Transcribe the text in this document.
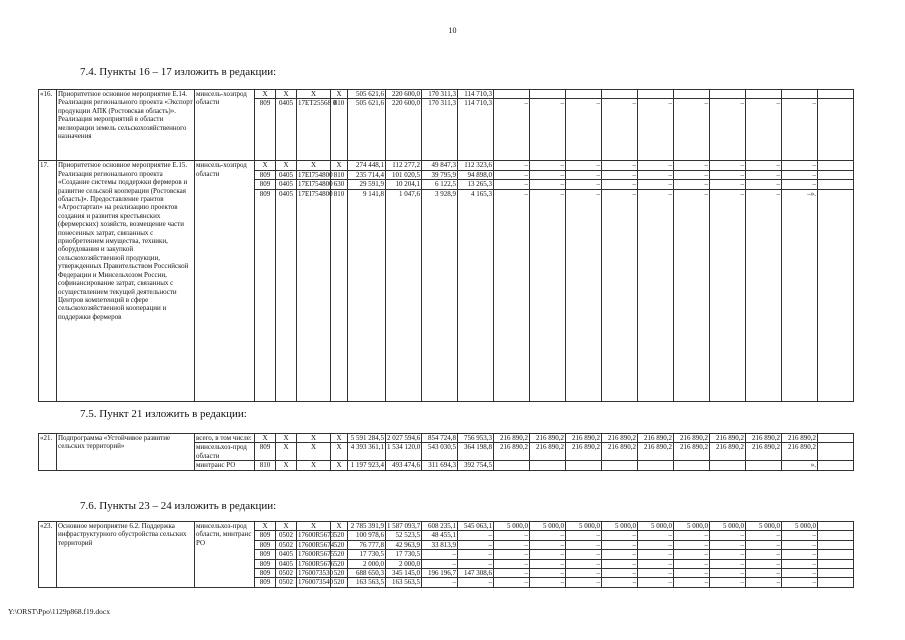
10
7.4. Пункты 16 – 17 изложить в редакции:
7.5. Пункт 21 изложить в редакции:
7.6. Пункты 23 – 24 изложить в редакции:
«16.	Приоритетное основное мероприятие Е.14. Реализация регионального проекта «Экспорт продукции АПК (Ростовская область)». Реализация мероприятий в области мелиорации земель сельскохозяйственного назначения	минсель-хозпрод области	Х	Х	Х	Х	505 621,6	220 600,0	170 311,3	114 710,3										
			809	0405	17ЕТ25568 0	810	505 621,6	220 600,0	170 311,3	114 710,3	–	–	–	–	–	–	–	–	–	
17.	Приоритетное основное мероприятие Е.15. Реализация регионального проекта «Создание системы поддержки фермеров и развитие сельской кооперации (Ростовская область)». Предоставление грантов «Агростартап» на реализацию проектов создания и развития крестьянских (фермерских) хозяйств, возмещение части понесенных затрат, связанных с приобретением имущества, техники, оборудования и закупкой сельскохозяйственной продукции, утвержденных Правительством Российской Федерации и Минсельхозом России, софинансирование затрат, связанных с осуществлением текущей деятельности Центров компетенций в сфере сельскохозяйственной кооперации и поддержки фермеров	минсель-хозпрод области	Х	Х	Х	Х	274 448,1	112 277,2	49 847,3	112 323,6	–	–	–	–	–	–	–	–	–	
			809	0405	17ЕI754800	810	235 714,4	101 020,5	39 795,9	94 898,0	–	–	–	–	–	–	–	–	–	
			809	0405	17ЕI754800	630	29 591,9	10 204,1	6 122,5	13 265,3	–	–	–	–	–	–	–	–	–	
			809	0405	17ЕI754800	810	9 141,8	1 047,6	3 928,9	4 165,3	–	–	–	–	–	–	–	–	–».	
«21.	Подпрограмма «Устойчивое развитие сельских территорий»	всего, в том числе:	Х	Х	Х	Х	5 591 284,5	2 027 594,6	854 724,8	756 953,3	216 890,2	216 890,2	216 890,2	216 890,2	216 890,2	216 890,2	216 890,2	216 890,2	216 890,2	
		минсельхоз-прод области	809	Х	Х	Х	4 393 361,1	1 534 120,0	543 030,5	364 198,8	216 890,2	216 890,2	216 890,2	216 890,2	216 890,2	216 890,2	216 890,2	216 890,2	216 890,2	
		минтранс РО	810	Х	Х	Х	1 197 923,4	493 474,6	311 694,3	392 754,5									».	
«23.	Основное мероприятие 6.2. Поддержка инфраструктурного обустройства сельских территорий	минсельхоз-прод области, минтранс РО	Х	Х	Х	Х	2 785 391,9	1 587 093,7	608 235,1	545 063,1	5 000,0	5 000,0	5 000,0	5 000,0	5 000,0	5 000,0	5 000,0	5 000,0	5 000,0	
			809	0502	17600R5673	520	100 978,6	52 523,5	48 455,1	–	–	–	–	–	–	–	–	–	–	
			809	0502	17600R5674	520	76 777,8	42 963,9	33 813,9	–	–	–	–	–	–	–	–	–	–	
			809	0405	17600R5675	520	17 730,5	17 730,5	–	–	–	–	–	–	–	–	–	–	–	
			809	0405	17600R5676	520	2 000,0	2 000,0	–	–	–	–	–	–	–	–	–	–	–	
			809	0502	1760073530	520	688 650,3	345 145,0	196 196,7	147 308,6	–	–	–	–	–	–	–	–	–	
			809	0502	1760073540	520	163 563,5	163 563,5	–	–	–	–	–	–	–	–	–	–	–	
Y:\ORST\Ppo\1129p868.f19.docx
